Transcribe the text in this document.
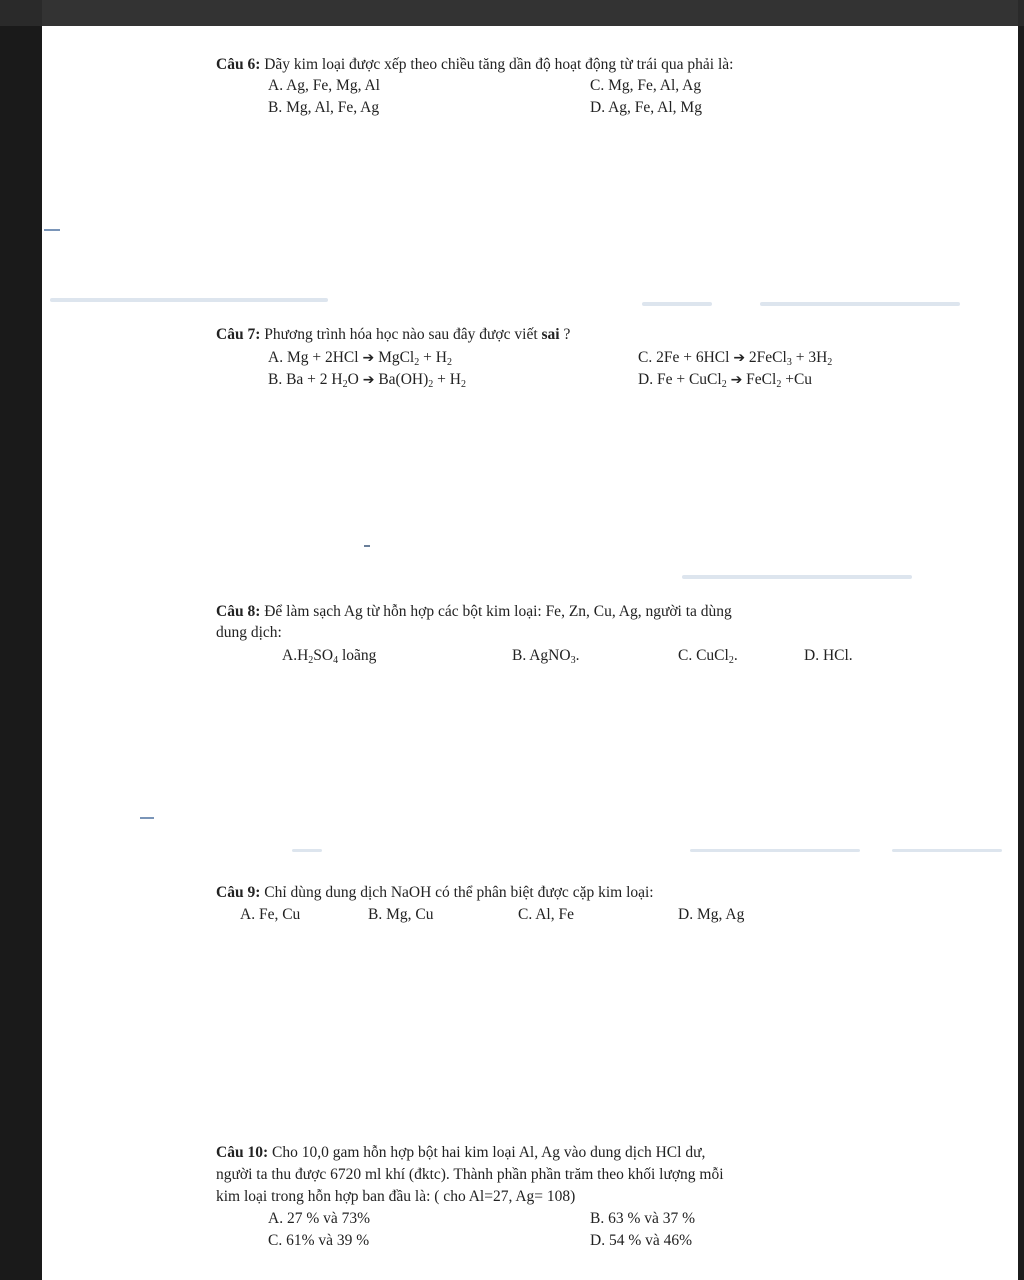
Câu 6: Dãy kim loại được xếp theo chiều tăng dần độ hoạt động từ trái qua phải là:
A. Ag, Fe, Mg, Al	C. Mg, Fe, Al, Ag
B. Mg, Al, Fe, Ag	D. Ag, Fe, Al, Mg
Câu 7: Phương trình hóa học nào sau đây được viết sai ?
A. Mg + 2HCl ➔ MgCl$_2$ + $H_2$	C. 2Fe + 6HCl ➔ 2FeCl$_3$ + $3H_2$
B. Ba + 2 $H_2O$ ➔ $Ba(OH)_2 + H_2$	D. Fe + CuCl$_2$ ➔ FeCl$_2$ +Cu
Câu 8: Để làm sạch Ag từ hỗn hợp các bột kim loại: Fe, Zn, Cu, Ag, người ta dùng
dung dịch:
$A.H_2SO_4$ loãng	B. AgNO$_3$.	C. CuCl$_2$.	D. HCl.
Câu 9: Chỉ dùng dung dịch NaOH có thể phân biệt được cặp kim loại:
A. Fe, Cu	B. Mg, Cu	C. Al, Fe	D. Mg, Ag
Câu 10: Cho 10,0 gam hỗn hợp bột hai kim loại Al, Ag vào dung dịch HCl dư,
người ta thu được 6720 ml khí (đktc). Thành phần phần trăm theo khối lượng mỗi
kim loại trong hỗn hợp ban đầu là: ( cho Al=27, Ag= 108)
A. 27 % và 73%	B. 63 % và 37 %
C. 61% và 39 %	D. 54 % và 46%
